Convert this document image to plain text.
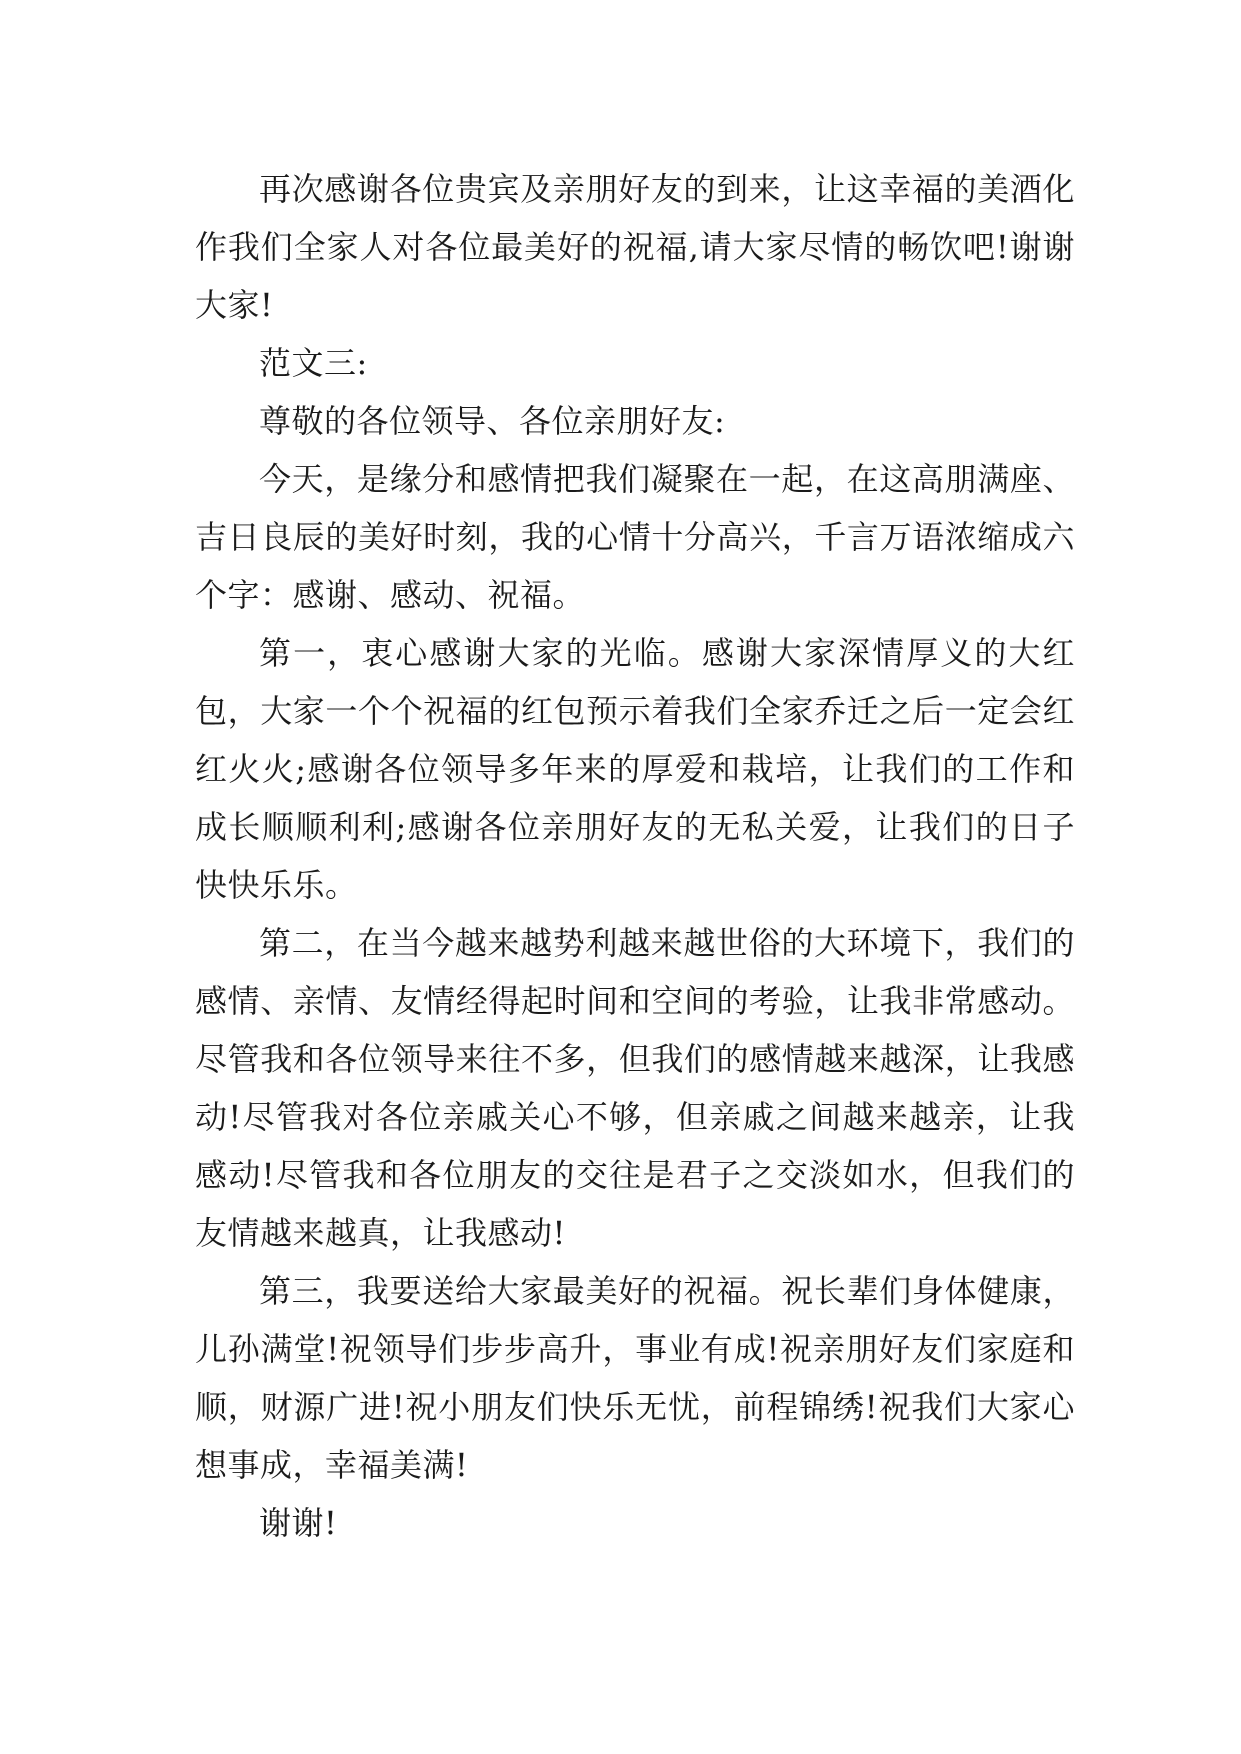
再次感谢各位贵宾及亲朋好友的到来，让这幸福的美酒化作我们全家人对各位最美好的祝福,请大家尽情的畅饮吧!谢谢大家!

范文三:

尊敬的各位领导、各位亲朋好友:

今天，是缘分和感情把我们凝聚在一起，在这高朋满座、吉日良辰的美好时刻，我的心情十分高兴，千言万语浓缩成六个字：感谢、感动、祝福。

第一，衷心感谢大家的光临。感谢大家深情厚义的大红包，大家一个个祝福的红包预示着我们全家乔迁之后一定会红红火火;感谢各位领导多年来的厚爱和栽培，让我们的工作和成长顺顺利利;感谢各位亲朋好友的无私关爱，让我们的日子快快乐乐。

第二，在当今越来越势利越来越世俗的大环境下，我们的感情、亲情、友情经得起时间和空间的考验，让我非常感动。尽管我和各位领导来往不多，但我们的感情越来越深，让我感动!尽管我对各位亲戚关心不够，但亲戚之间越来越亲，让我感动!尽管我和各位朋友的交往是君子之交淡如水，但我们的友情越来越真，让我感动!

第三，我要送给大家最美好的祝福。祝长辈们身体健康，儿孙满堂!祝领导们步步高升，事业有成!祝亲朋好友们家庭和顺，财源广进!祝小朋友们快乐无忧，前程锦绣!祝我们大家心想事成，幸福美满!

谢谢!
